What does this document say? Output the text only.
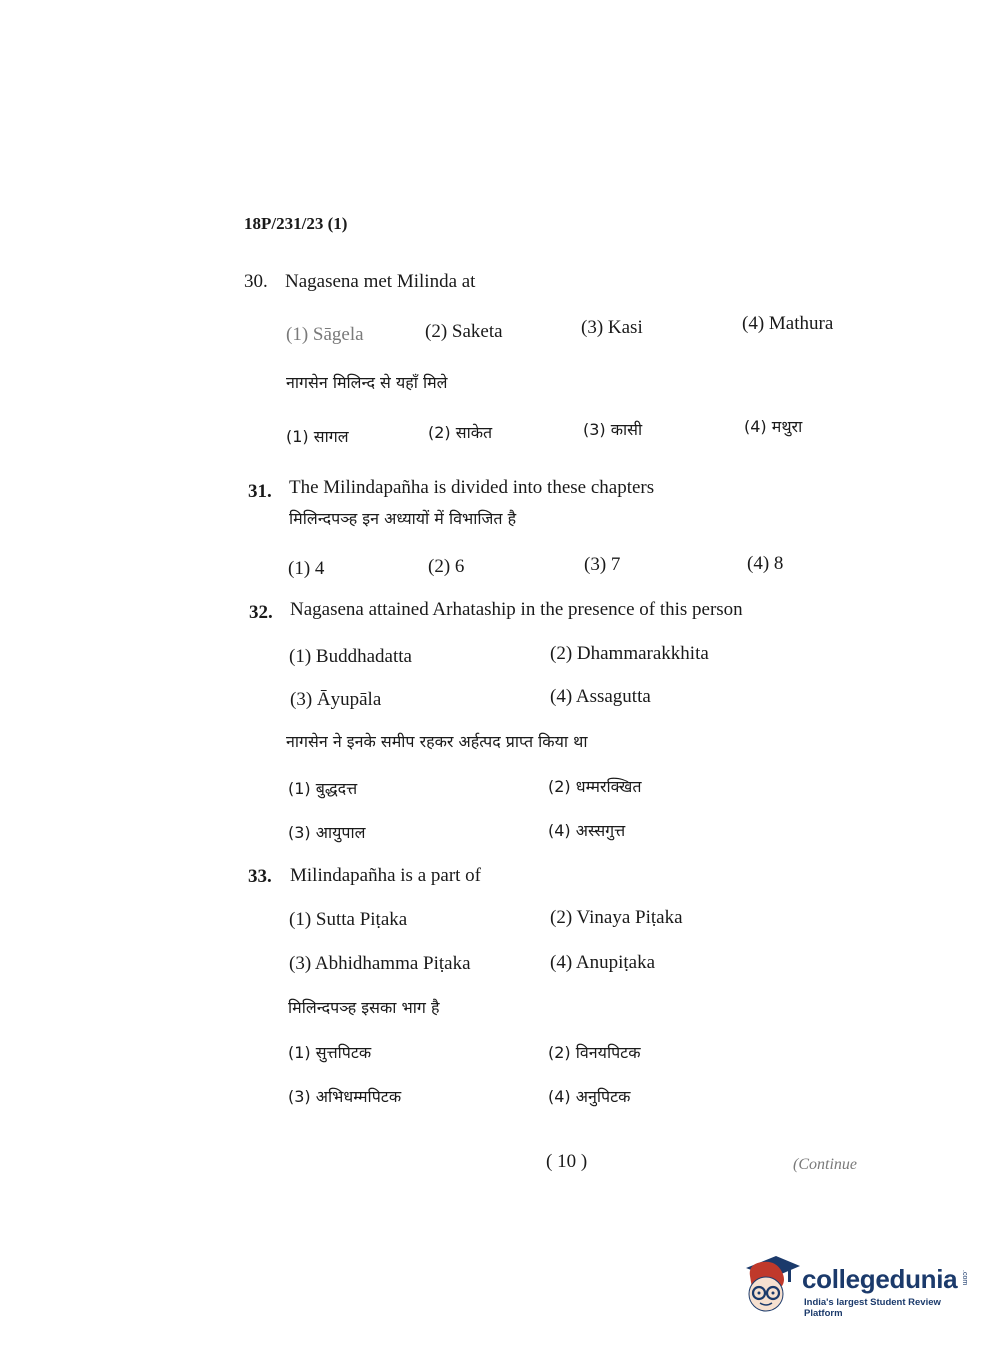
18P/231/23 (1)
30. Nagasena met Milinda at
(1) Sāgela	(2) Saketa	(3) Kasi	(4) Mathura
नागसेन मिलिन्द से यहाँ मिले
(1) सागल	(2) साकेत	(3) कासी	(4) मथुरा
31. The Milindapañha is divided into these chapters
मिलिन्दपञ्ह इन अध्यायों में विभाजित है
(1) 4	(2) 6	(3) 7	(4) 8
32. Nagasena attained Arhataship in the presence of this person
(1) Buddhadatta	(2) Dhammarakkhita
(3) Āyupāla	(4) Assagutta
नागसेन ने इनके समीप रहकर अर्हत्पद प्राप्त किया था
(1) बुद्धदत्त	(2) धम्मरक्खित
(3) आयुपाल	(4) अस्सगुत्त
33. Milindapañha is a part of
(1) Sutta Piṭaka	(2) Vinaya Piṭaka
(3) Abhidhamma Piṭaka	(4) Anupiṭaka
मिलिन्दपञ्ह इसका भाग है
(1) सुत्तपिटक	(2) विनयपिटक
(3) अभिधम्मपिटक	(4) अनुपिटक
( 10 )	(Continue
collegedunia .com
India's largest Student Review Platform
